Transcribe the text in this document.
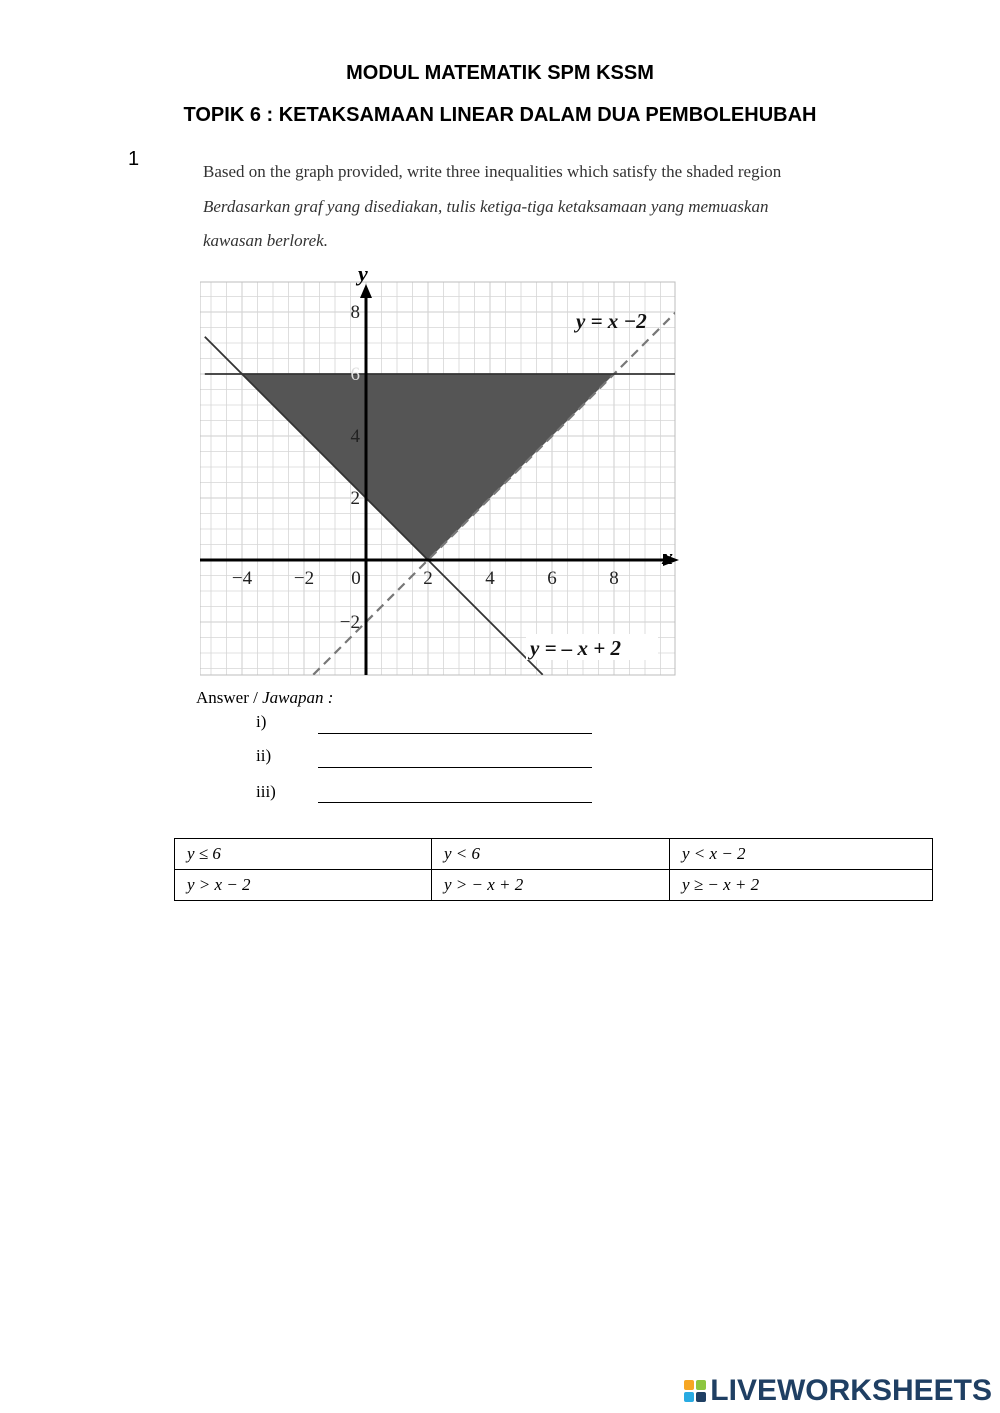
MODUL MATEMATIK SPM KSSM
TOPIK 6 : KETAKSAMAAN LINEAR DALAM DUA PEMBOLEHUBAH
1
Based on the graph provided, write three inequalities which satisfy the shaded region
Berdasarkan graf yang disediakan, tulis ketiga-tiga ketaksamaan yang memuaskan
kawasan berlorek.
−4 −2 0	2	4	6	8
8
6
4
2
−2
x
y
y = x −2
y = – x + 2
Answer / Jawapan :
i)
ii)
iii)
y ≤ 6	y < 6	y < x − 2
y > x − 2	y > − x + 2	y ≥ − x + 2
LIVEWORKSHEETS
